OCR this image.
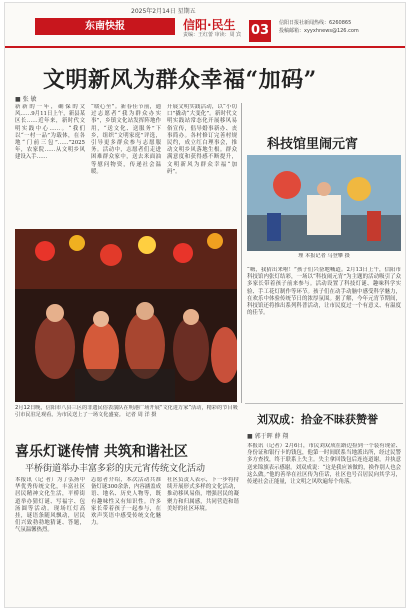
2025年2月14日 星期五
东南快报	信阳·民生
责编：王红蕾 审读：周 宾 03	信阳日报社新闻热线：6260865
投稿邮箱：xyyxhnews@126.com
文明新风为群众幸福“加码”
■ 张 敏
新新的一年，确保的文风……9月11日上午，新县某区长……近年来，新时代文明实践中心……。“我们以“一村一品”为载体，在各地“门前三包”……”2025年，农家院……从文明乡风建设入手……
“暖心至”。新春佳节前，通过志愿者“我为群众办实事”，乡镇文化站发挥阵地作用，“送文化、送服务”下乡，组织“文明家庭”评选，引导更多群众参与志愿服务。活动中，志愿者们走进困难群众家中，送去米面油等慰问物资，传递社会温暖。
开展文明实践活动，以“小切口”撬动“大变化”。新时代文明实践站常态化开展移风易俗宣传，倡导婚事新办、丧事简办。各村修订完善村规民约，成立红白理事会，推动文明乡风落地生根。群众满意度和获得感不断提升，文明新风为群众幸福“加码”。
2月12日晚，信阳市八县三区的非遗民俗表演队在明港广场开展“文化进万家”活动，精彩的节目吸引市民驻足观看。为市民送上了一场文化盛宴。 记者 周 洋 摄
喜乐灯谜传情 共筑和谐社区
平桥街道举办丰富多彩的庆元宵传统文化活动
本报讯（记 者）为了弘扬中华优秀传统文化，丰富社区居民精神文化生活，平桥街道举办猜灯谜、写福字、包汤圆等活动。现场红灯高挂，谜语条随风飘动，居民们兴致勃勃地猜谜、答题，气氛温馨热烈。
志愿者介绍，本次活动共准备灯谜300余条，内容涵盖成语、地名、历史人物等，既有趣味性又有知识性。许多家长带着孩子一起参与，在欢声笑语中感受传统文化魅力。
社区负责人表示，下一步将持续开展形式多样的文化活动，推动移风易俗，增强居民的凝聚力和归属感，共同营造和谐美好的社区环境。
科技馆里闹元宵
理 本报记者 马登攀 摄
“嗨，我猜出来啦！”孩子们兴奋地喊道。2月13日上午，信阳市科技馆内张灯结彩，一场以“科技闹元宵”为主题的活动吸引了众多家长带着孩子前来参与。活动设置了科技灯谜、趣味科学实验、手工花灯制作等环节。孩子们在动手动脑中感受科学魅力，在欢乐中体验传统节日的浓厚氛围。据了解，今年元宵节期间，科技馆还将推出系列科普活动，让市民度过一个有意义、有温度的佳节。
刘双成：拾金不昧获赞誉
■ 郭于晖 薛 翔
本报讯（记者）2月6日，市民刘双成在路边捡到一个装有现金、身份证和银行卡的钱包，他第一时间联系当地派出所，经过民警多方查找，终于联系上失主。失主拿回钱包后连连道谢，并执意送来锦旗表示感谢。刘双成说：“这是我应该做的，换作别人也会这么做。”他的善举在社区传为佳话，社区也号召居民向其学习，传递社会正能量，让文明之风吹遍每个角落。
